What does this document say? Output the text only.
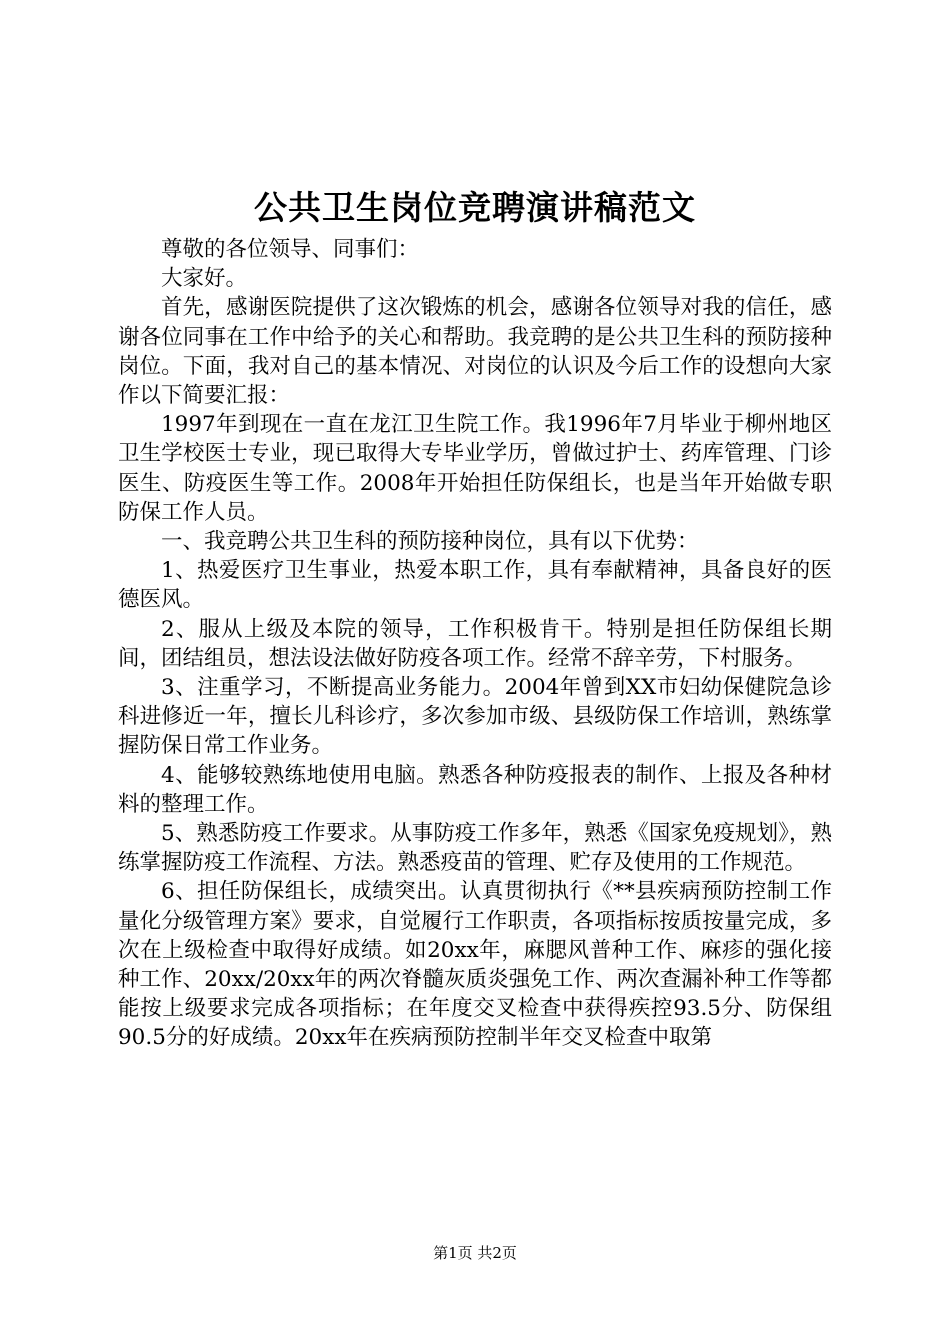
公共卫生岗位竞聘演讲稿范文

尊敬的各位领导、同事们：

大家好。

首先，感谢医院提供了这次锻炼的机会，感谢各位领导对我的信任，感谢各位同事在工作中给予的关心和帮助。我竞聘的是公共卫生科的预防接种岗位。下面，我对自己的基本情况、对岗位的认识及今后工作的设想向大家作以下简要汇报：

1997年到现在一直在龙江卫生院工作。我1996年7月毕业于柳州地区卫生学校医士专业，现已取得大专毕业学历，曾做过护士、药库管理、门诊医生、防疫医生等工作。2008年开始担任防保组长，也是当年开始做专职防保工作人员。

一、我竞聘公共卫生科的预防接种岗位，具有以下优势：

1、热爱医疗卫生事业，热爱本职工作，具有奉献精神，具备良好的医德医风。

2、服从上级及本院的领导，工作积极肯干。特别是担任防保组长期间，团结组员，想法设法做好防疫各项工作。经常不辞辛劳，下村服务。

3、注重学习，不断提高业务能力。2004年曾到XX市妇幼保健院急诊科进修近一年，擅长儿科诊疗，多次参加市级、县级防保工作培训，熟练掌握防保日常工作业务。

4、能够较熟练地使用电脑。熟悉各种防疫报表的制作、上报及各种材料的整理工作。

5、熟悉防疫工作要求。从事防疫工作多年，熟悉《国家免疫规划》，熟练掌握防疫工作流程、方法。熟悉疫苗的管理、贮存及使用的工作规范。

6、担任防保组长，成绩突出。认真贯彻执行《**县疾病预防控制工作量化分级管理方案》要求，自觉履行工作职责，各项指标按质按量完成，多次在上级检查中取得好成绩。如20xx年，麻腮风普种工作、麻疹的强化接种工作、20xx/20xx年的两次脊髓灰质炎强免工作、两次查漏补种工作等都能按上级要求完成各项指标；在年度交叉检查中获得疾控93.5分、防保组90.5分的好成绩。20xx年在疾病预防控制半年交叉检查中取第

第1页 共2页
